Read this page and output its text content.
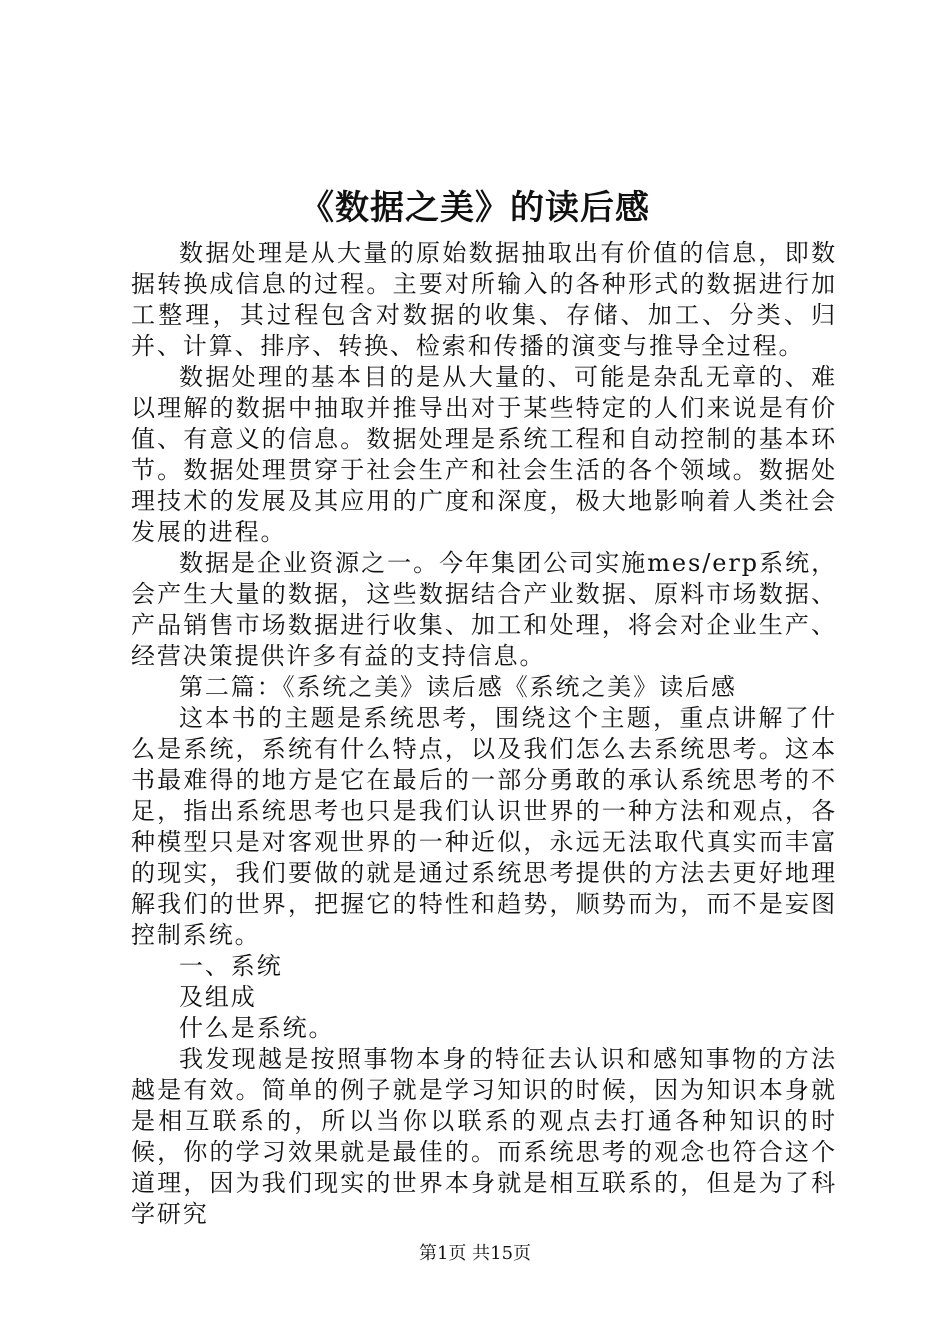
《数据之美》的读后感

数据处理是从大量的原始数据抽取出有价值的信息，即数据转换成信息的过程。主要对所输入的各种形式的数据进行加工整理，其过程包含对数据的收集、存储、加工、分类、归并、计算、排序、转换、检索和传播的演变与推导全过程。

数据处理的基本目的是从大量的、可能是杂乱无章的、难以理解的数据中抽取并推导出对于某些特定的人们来说是有价值、有意义的信息。数据处理是系统工程和自动控制的基本环节。数据处理贯穿于社会生产和社会生活的各个领域。数据处理技术的发展及其应用的广度和深度，极大地影响着人类社会发展的进程。

数据是企业资源之一。今年集团公司实施mes/erp系统，会产生大量的数据，这些数据结合产业数据、原料市场数据、产品销售市场数据进行收集、加工和处理，将会对企业生产、经营决策提供许多有益的支持信息。

第二篇：《系统之美》读后感《系统之美》读后感

这本书的主题是系统思考，围绕这个主题，重点讲解了什么是系统，系统有什么特点，以及我们怎么去系统思考。这本书最难得的地方是它在最后的一部分勇敢的承认系统思考的不足，指出系统思考也只是我们认识世界的一种方法和观点，各种模型只是对客观世界的一种近似，永远无法取代真实而丰富的现实，我们要做的就是通过系统思考提供的方法去更好地理解我们的世界，把握它的特性和趋势，顺势而为，而不是妄图控制系统。

一、系统

及组成

什么是系统。

我发现越是按照事物本身的特征去认识和感知事物的方法越是有效。简单的例子就是学习知识的时候，因为知识本身就是相互联系的，所以当你以联系的观点去打通各种知识的时候，你的学习效果就是最佳的。而系统思考的观念也符合这个道理，因为我们现实的世界本身就是相互联系的，但是为了科学研究

第1页 共15页
